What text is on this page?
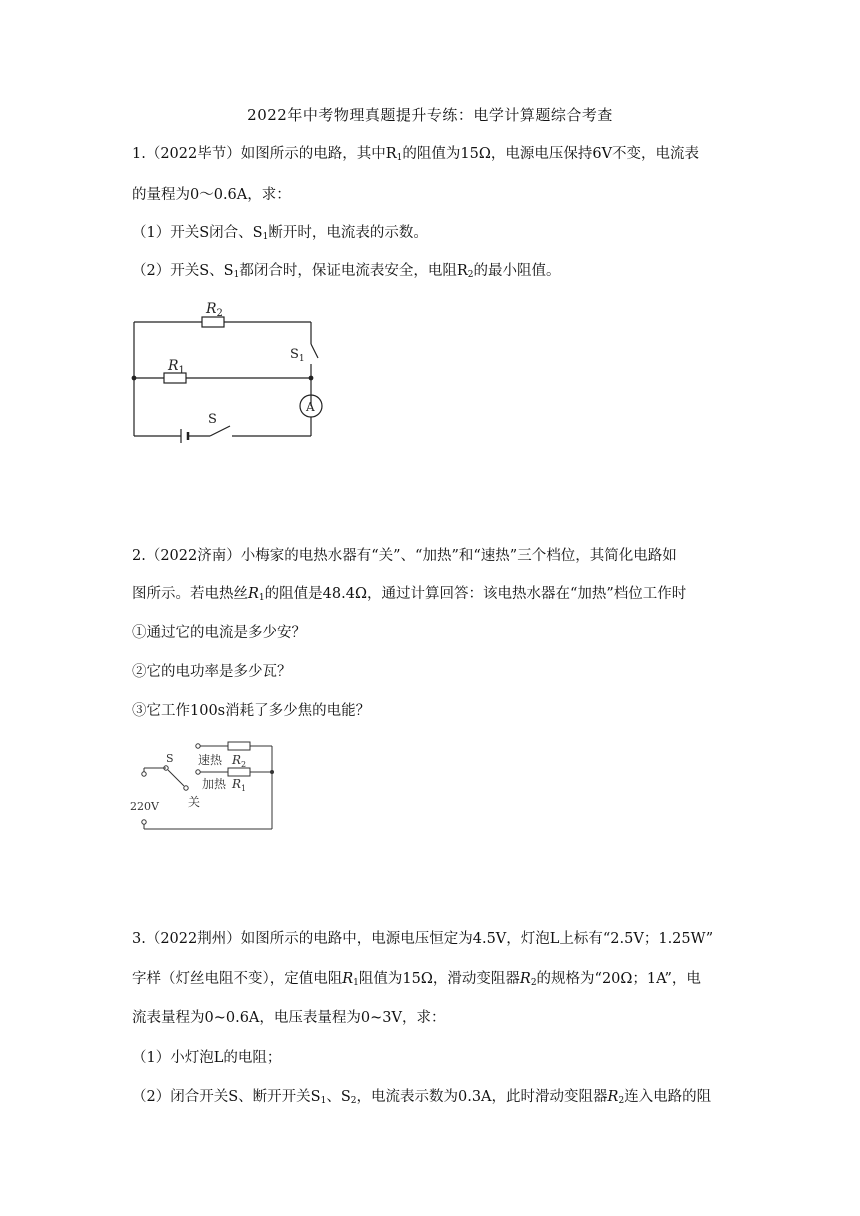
2022年中考物理真题提升专练：电学计算题综合考查
1.（2022毕节）如图所示的电路，其中$R_1$的阻值为15Ω，电源电压保持6V不变，电流表
的量程为0～0.6A，求：
（1）开关S闭合、$S_1$断开时，电流表的示数。
（2）开关S、$S_1$都闭合时，保证电流表安全，电阻$R_2$的最小阻值。
$R_2$
$R_1$
$S_1$
S
A
2.（2022济南）小梅家的电热水器有“关”、“加热”和“速热”三个档位，其简化电路如
图所示。若电热丝$R_1$的阻值是48.4Ω，通过计算回答：该电热水器在“加热”档位工作时
①通过它的电流是多少安？
②它的电功率是多少瓦？
③它工作100s消耗了多少焦的电能？
S 速热
加热
关
220V
$R_2$
$R_1$
3.（2022荆州）如图所示的电路中，电源电压恒定为4.5V，灯泡L上标有“2.5V；1.25W”
字样（灯丝电阻不变），定值电阻$R_1$阻值为15Ω，滑动变阻器$R_2$的规格为“20Ω；1A”，电
流表量程为0~0.6A，电压表量程为0~3V，求：
（1）小灯泡L的电阻；
（2）闭合开关S、断开开关$S_1$、$S_2$，电流表示数为0.3A，此时滑动变阻器$R_2$连入电路的阻
